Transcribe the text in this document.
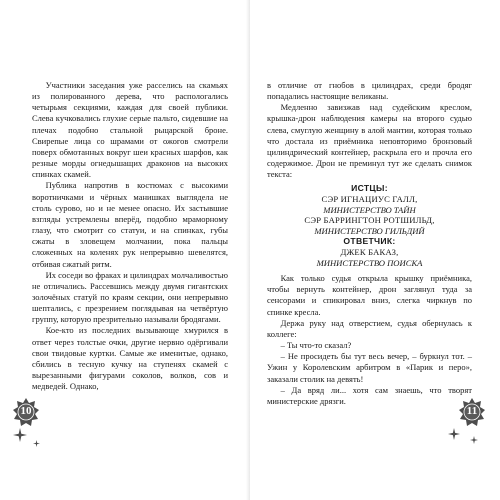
Участники заседания уже расселись на скамьях из полированного дерева, что распологались четырьмя секциями, каждая для своей публики. Слева кучковались глухие серые пальто, сидевшие на плечах подобно стальной рыцарской броне. Свирепые лица со шрамами от ожогов смотрели поверх обмотанных вокруг шеи красных шарфов, как резные морды огнедышащих драконов на высоких спинках скамей.

Публика напротив в костюмах с высокими воротничками и чёрных манишках выглядела не столь сурово, но и не менее опасно. Их застывшие взгляды устремлены вперёд, подобно мраморному глазу, что смотрит со статуи, и на спинках, губы сжаты в зловещем молчании, пока пальцы сложенных на коленях рук непрерывно шевелятся, отбивая сжатый ритм.

Их соседи во фраках и цилиндрах молчаливостью не отличались. Рассевшись между двумя гигантских золочёных статуй по краям секции, они непрерывно шептались, с презрением поглядывая на четвёртую группу, которую презрительно называли бродягами.

Кое-кто из последних вызывающе хмурился в ответ через толстые очки, другие нервно одёргивали свои твидовые куртки. Самые же именитые, однако, сбились в тесную кучку на ступенях скамей с вырезанными фигурами соколов, волков, сов и медведей. Однако,

в отличие от гнобов в цилиндрах, среди бродяг попадались настоящие великаны.

Медленно завизжав над судейским креслом, крышка-дрон наблюдения камеры на второго судью слева, смуглую женщину в алой мантии, которая только что достала из приёмника неповторимо бронзовый цилиндрический контейнер, раскрыла его и прочла его содержимое. Дрон не преминул тут же сделать снимок текста:

ИСТЦЫ:
СЭР ИГНАЦИУС ГАЛЛ,
МИНИСТЕРСТВО ТАЙН
СЭР БАРРИНГТОН РОТШИЛЬД,
МИНИСТЕРСТВО ГИЛЬДИЙ
ОТВЕТЧИК:
ДЖЕК БАКАЗ,
МИНИСТЕРСТВО ПОИСКА

Как только судья открыла крышку приёмника, чтобы вернуть контейнер, дрон заглянул туда за сенсорами и спикировал вниз, слегка чиркнув по спинке кресла.

Держа руку над отверстием, судья обернулась к коллеге:

– Ты что-то сказал?

– Не просидеть бы тут весь вечер, – буркнул тот. – Ужин у Королевским арбитром в «Парик и перо», заказали столик на девять!

– Да вряд ли... хотя сам знаешь, что творят министерские дрязги.

10	11
